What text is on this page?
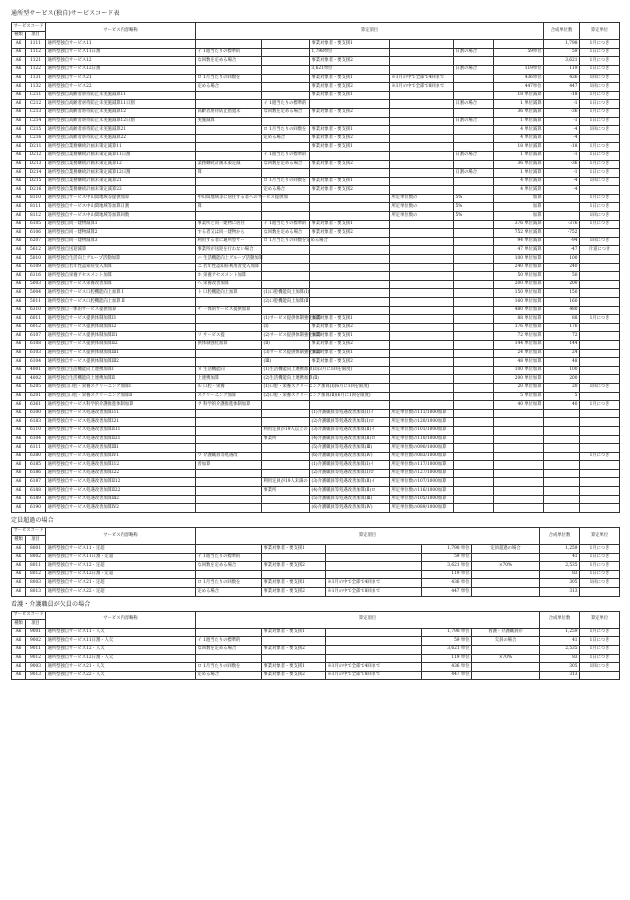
通所型サービス(独自)サービスコード表
サービスコード		サービス内容略称	算定項目						合成単位数	算定単位
種類	項目									
A6	1111	通所型独自サービス11			事業対象者・要支援1				1,798	1月につき
A6	1112	通所型独自サービス11日割	イ 1週当たりの標準的		1,798単位		日割の場合	59単位	59	1日につき
A6	1121	通所型独自サービス12	な回数を定める場合		事業対象者・要支援2				3,621	1月につき
A6	1122	通所型独自サービス12日割			3,621単位		日割の場合	119単位	119	1日につき
A6	1131	通所型独自サービス21	ロ 1月当たりの回数を		事業対象者・要支援1	※1月の中で全部で4回まで		436単位	436	1回につき
A6	1132	通所型独自サービス22	定める場合		事業対象者・要支援2	※1月の中で全部で8回まで		447単位	447	1回につき
A6	C211	通所型独自高齢者虐待防止未実施減算11			事業対象者・要支援1			18 単位減算	-18	1月につき
A6	C212	通所型独自高齢者虐待防止未実施減算11日割		イ 1週当たりの標準的			日割の場合	1 単位減算	-1	1日につき
A6	C213	通所型独自高齢者虐待防止未実施減算12	高齢者虐待防止措置未	な回数を定める場合	事業対象者・要支援2			36 単位減算	-36	1月につき
A6	C214	通所型独自高齢者虐待防止未実施減算12日割	実施減算				日割の場合	1 単位減算	-1	1日につき
A6	C215	通所型独自高齢者虐待防止未実施減算21		ロ 1月当たりの回数を	事業対象者・要支援1			4 単位減算	-4	1回につき
A6	C216	通所型独自高齢者虐待防止未実施減算22		定める場合	事業対象者・要支援2			4 単位減算	-4	
A6	D211	通所型独自業務継続計画未策定減算11			事業対象者・要支援1			18 単位減算	-18	1月につき
A6	D212	通所型独自業務継続計画未策定減算11日割		イ 1週当たりの標準的			日割の場合	1 単位減算	-1	1日につき
A6	D213	通所型独自業務継続計画未策定減算12	業務継続計画未策定減	な回数を定める場合	事業対象者・要支援2			36 単位減算	-36	1月につき
A6	D214	通所型独自業務継続計画未策定減算12日割	算				日割の場合	1 単位減算	-1	1日につき
A6	D215	通所型独自業務継続計画未策定減算21		ロ 1月当たりの回数を	事業対象者・要支援1			4 単位減算	-4	1回につき
A6	D216	通所型独自業務継続計画未策定減算22		定める場合	事業対象者・要支援2			4 単位減算	-4	
A6	8110	通所型独自サービス中山間地域等提供加算	中山間地域等に居住する者へのサービス提供加			所定単位数の	5%	加算		1月につき
A6	8111	通所型独自サービス中山間地域等加算日割	算			所定単位数の	5%	加算		1日につき
A6	8112	通所型独自サービス中山間地域等加算回数				所定単位数の	5%	加算		1回につき
A6	6105	通所型独自同一建物減算1	事業所と同一建物に居住	イ 1週当たりの標準的	事業対象者・要支援1			376 単位減算	-376	1月につき
A6	6106	通所型独自同一建物減算2	する者又は同一建物から	な回数を定める場合	事業対象者・要支援2			752 単位減算	-752	
A6	6207	通所型独自同一建物減算3	利用する者に通所型サー	ロ 1月当たりの回数を定める場合				94 単位減算	-94	1回につき
A6	5612	通所型独自送迎減算	事業所が送迎を行わない場合					47 単位減算	-47	片道につき
A6	5010	通所型独自生活向上グループ活動加算	ハ 生活機能向上グループ活動加算					100 単位加算	100	
A6	6109	通所型独自若年性認知症受入加算	ニ 若年性認知症利用者受入加算					240 単位加算	240	
A6	6116	通所型独自栄養アセスメント加算	ホ 栄養アセスメント加算					50 単位加算	50	
A6	5003	通所型独自サービス栄養改善加算	ヘ 栄養改善加算					200 単位加算	200	
A6	5004	通所型独自サービス口腔機能向上加算 Ⅰ	ト 口腔機能向上加算	(1)口腔機能向上加算(Ⅰ)				150 単位加算	150	
A6	5011	通所型独自サービス口腔機能向上加算 Ⅱ		(2)口腔機能向上加算(Ⅱ)				160 単位加算	160	
A6	6310	通所型独自一体的サービス提供加算	チ 一体的サービス提供加算					480 単位加算	480	
A6	6011	通所型独自サービス提供体制加算Ⅰ1		(1)サービス提供体制強化加算	事業対象者・要支援1			88 単位加算	88	1月につき
A6	6012	通所型独自サービス提供体制加算Ⅰ2		(Ⅰ)	事業対象者・要支援2			176 単位加算	176	
A6	6107	通所型独自サービス提供体制加算Ⅱ1	リ サービス提	(2)サービス提供体制強化加算	事業対象者・要支援1			72 単位加算	72	
A6	6108	通所型独自サービス提供体制加算Ⅱ2	供体制強化加算	(Ⅱ)	事業対象者・要支援2			144 単位加算	144	
A6	6103	通所型独自サービス提供体制加算Ⅲ1		(3)サービス提供体制強化加算	事業対象者・要支援1			24 単位加算	24	
A6	6104	通所型独自サービス提供体制加算Ⅲ2		(Ⅲ)	事業対象者・要支援2			48 単位加算	48	
A6	4001	通所型独自生活機能向上連携加算Ⅰ	ヌ 生活機能向	(1)生活機能向上連携加算(Ⅰ)(3月に1回を限度)				100 単位加算	100	
A6	4002	通所型独自生活機能向上連携加算Ⅱ	上連携加算	(2)生活機能向上連携加算(Ⅱ)				200 単位加算	200	
A6	6205	通所型独自口腔・栄養スクリーニング加算Ⅰ	ル 口腔・栄養	(1)口腔・栄養スクリーニング加算(Ⅰ)(6月に1回を限度)				20 単位加算	20	1回につき
A6	6201	通所型独自口腔・栄養スクリーニング加算Ⅱ	スクリーニング加算	(2)口腔・栄養スクリーニング加算(Ⅱ)(6月に1回を限度)				5 単位加算	5	
A6	6361	通所型独自サービス科学的介護推進体制加算	ヲ 科学的介護推進体制加算					40 単位加算	40	1月につき
A6	6100	通所型独自サービス処遇改善加算Ⅰ11			(1)介護職員等処遇改善加算(Ⅰ)イ	所定単位数の111/1000加算				
A6	6183	通所型独自サービス処遇改善加算Ⅰ21			(2)介護職員等処遇改善加算(Ⅰ)ロ	所定単位数の120/1000加算				
A6	6110	通所型独自サービス処遇改善加算Ⅱ11		利用定員が19人以上の	(3)介護職員等処遇改善加算(Ⅱ)イ	所定単位数の101/1000加算				
A6	6104	通所型独自サービス処遇改善加算Ⅱ21		事業所	(4)介護職員等処遇改善加算(Ⅱ)ロ	所定単位数の110/1000加算				
A6	6111	通所型独自サービス処遇改善加算Ⅲ1			(5)介護職員等処遇改善加算(Ⅲ)	所定単位数の090/1000加算				
A6	6380	通所型独自サービス処遇改善加算Ⅳ1	ワ 介護職員等処遇改		(6)介護職員等処遇改善加算(Ⅳ)	所定単位数の083/1000加算				1月につき
A6	6185	通所型独自サービス処遇改善加算Ⅰ12	善加算		(1)介護職員等処遇改善加算(Ⅰ)イ	所定単位数の117/1000加算				
A6	6186	通所型独自サービス処遇改善加算Ⅰ22			(2)介護職員等処遇改善加算(Ⅰ)ロ	所定単位数の127/1000加算				
A6	6187	通所型独自サービス処遇改善加算Ⅱ12		利用定員が19人未満の	(3)介護職員等処遇改善加算(Ⅱ)イ	所定単位数の107/1000加算				
A6	6188	通所型独自サービス処遇改善加算Ⅱ22		事業所	(4)介護職員等処遇改善加算(Ⅱ)ロ	所定単位数の116/1000加算				
A6	6189	通所型独自サービス処遇改善加算Ⅲ2			(5)介護職員等処遇改善加算(Ⅲ)	所定単位数の105/1000加算				
A6	6190	通所型独自サービス処遇改善加算Ⅳ2			(6)介護職員等処遇改善加算(Ⅳ)	所定単位数の089/1000加算				
定員超過の場合
サービスコード		サービス内容略称	算定項目					合成単位数	算定単位
種類	項目								
A6	8001	通所型独自サービス11・定超		事業対象者・要支援1		1,798 単位	定員超過の場合	1,259	1月につき
A6	8002	通所型独自サービス11日割・定超	イ 1週当たりの標準的			59 単位		41	1日につき
A6	8011	通所型独自サービス12・定超	な回数を定める場合	事業対象者・要支援2		3,621 単位	×70%	2,535	1月につき
A6	8012	通所型独自サービス12日割・定超				119 単位		83	1日につき
A6	8003	通所型独自サービス21・定超	ロ 1月当たりの回数を	事業対象者・要支援1	※1月の中で全部で4回まで	436 単位		305	1回につき
A6	8013	通所型独自サービス22・定超	定める場合	事業対象者・要支援2	※1月の中で全部で8回まで	447 単位		313	
看護・介護職員が欠員の場合
サービスコード		サービス内容略称	算定項目					合成単位数	算定単位
種類	項目								
A6	9001	通所型独自サービス11・人欠		事業対象者・要支援1		1,798 単位	看護・介護職員が	1,259	1月につき
A6	9002	通所型独自サービス11日割・人欠	イ 1週当たりの標準的			59 単位	欠員の場合	41	1日につき
A6	9011	通所型独自サービス12・人欠	な回数を定める場合	事業対象者・要支援2		3,621 単位		2,535	1月につき
A6	9012	通所型独自サービス12日割・人欠				119 単位	×70%	83	1日につき
A6	9003	通所型独自サービス21・人欠	ロ 1月当たりの回数を	事業対象者・要支援1	※1月の中で全部で4回まで	436 単位		305	1回につき
A6	9013	通所型独自サービス22・人欠	定める場合	事業対象者・要支援2	※1月の中で全部で8回まで	447 単位		313	
